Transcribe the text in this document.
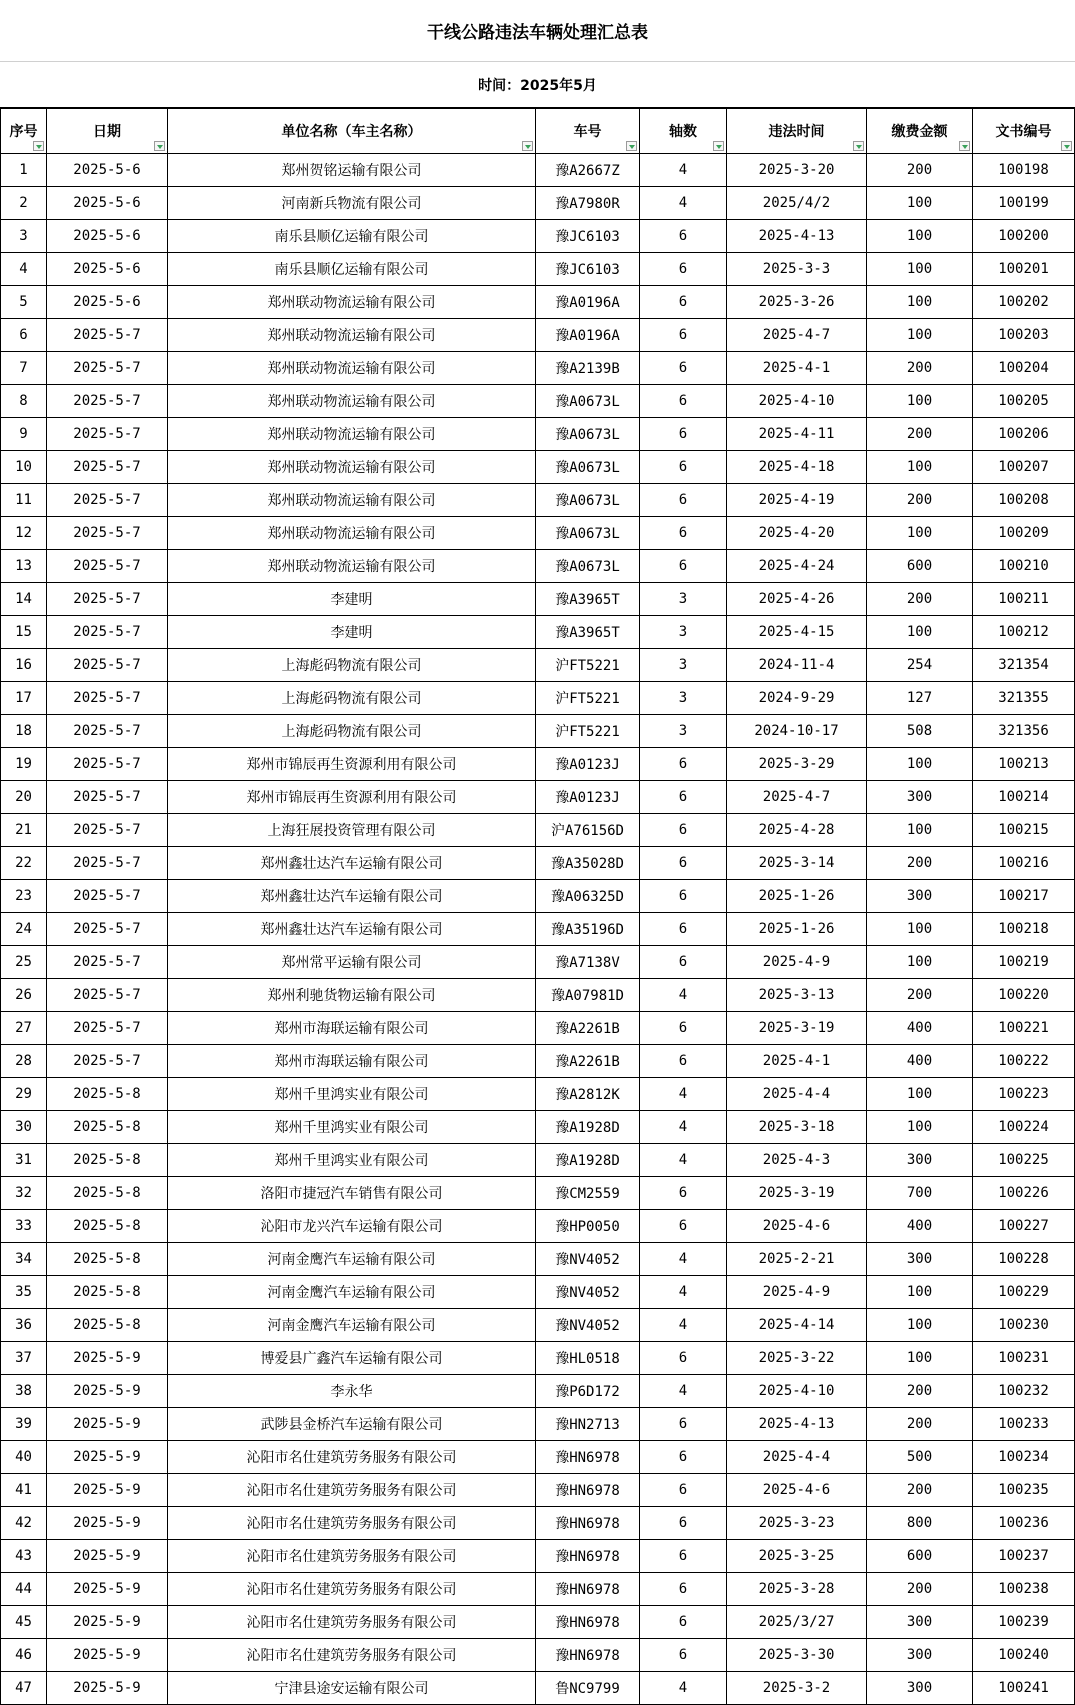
干线公路违法车辆处理汇总表
时间：2025年5月
序号	日期	单位名称（车主名称）	车号	轴数	违法时间	缴费金额	文书编号

1	2025-5-6	郑州贺铭运输有限公司	豫A2667Z	4	2025-3-20	200	100198
2	2025-5-6	河南新兵物流有限公司	豫A7980R	4	2025/4/2	100	100199
3	2025-5-6	南乐县顺亿运输有限公司	豫JC6103	6	2025-4-13	100	100200
4	2025-5-6	南乐县顺亿运输有限公司	豫JC6103	6	2025-3-3	100	100201
5	2025-5-6	郑州联动物流运输有限公司	豫A0196A	6	2025-3-26	100	100202
6	2025-5-7	郑州联动物流运输有限公司	豫A0196A	6	2025-4-7	100	100203
7	2025-5-7	郑州联动物流运输有限公司	豫A2139B	6	2025-4-1	200	100204
8	2025-5-7	郑州联动物流运输有限公司	豫A0673L	6	2025-4-10	100	100205
9	2025-5-7	郑州联动物流运输有限公司	豫A0673L	6	2025-4-11	200	100206
10	2025-5-7	郑州联动物流运输有限公司	豫A0673L	6	2025-4-18	100	100207
11	2025-5-7	郑州联动物流运输有限公司	豫A0673L	6	2025-4-19	200	100208
12	2025-5-7	郑州联动物流运输有限公司	豫A0673L	6	2025-4-20	100	100209
13	2025-5-7	郑州联动物流运输有限公司	豫A0673L	6	2025-4-24	600	100210
14	2025-5-7	李建明	豫A3965T	3	2025-4-26	200	100211
15	2025-5-7	李建明	豫A3965T	3	2025-4-15	100	100212
16	2025-5-7	上海彪码物流有限公司	沪FT5221	3	2024-11-4	254	321354
17	2025-5-7	上海彪码物流有限公司	沪FT5221	3	2024-9-29	127	321355
18	2025-5-7	上海彪码物流有限公司	沪FT5221	3	2024-10-17	508	321356
19	2025-5-7	郑州市锦辰再生资源利用有限公司	豫A0123J	6	2025-3-29	100	100213
20	2025-5-7	郑州市锦辰再生资源利用有限公司	豫A0123J	6	2025-4-7	300	100214
21	2025-5-7	上海狂展投资管理有限公司	沪A76156D	6	2025-4-28	100	100215
22	2025-5-7	郑州鑫壮达汽车运输有限公司	豫A35028D	6	2025-3-14	200	100216
23	2025-5-7	郑州鑫壮达汽车运输有限公司	豫A06325D	6	2025-1-26	300	100217
24	2025-5-7	郑州鑫壮达汽车运输有限公司	豫A35196D	6	2025-1-26	100	100218
25	2025-5-7	郑州常平运输有限公司	豫A7138V	6	2025-4-9	100	100219
26	2025-5-7	郑州利驰货物运输有限公司	豫A07981D	4	2025-3-13	200	100220
27	2025-5-7	郑州市海联运输有限公司	豫A2261B	6	2025-3-19	400	100221
28	2025-5-7	郑州市海联运输有限公司	豫A2261B	6	2025-4-1	400	100222
29	2025-5-8	郑州千里鸿实业有限公司	豫A2812K	4	2025-4-4	100	100223
30	2025-5-8	郑州千里鸿实业有限公司	豫A1928D	4	2025-3-18	100	100224
31	2025-5-8	郑州千里鸿实业有限公司	豫A1928D	4	2025-4-3	300	100225
32	2025-5-8	洛阳市捷冠汽车销售有限公司	豫CM2559	6	2025-3-19	700	100226
33	2025-5-8	沁阳市龙兴汽车运输有限公司	豫HP0050	6	2025-4-6	400	100227
34	2025-5-8	河南金鹰汽车运输有限公司	豫NV4052	4	2025-2-21	300	100228
35	2025-5-8	河南金鹰汽车运输有限公司	豫NV4052	4	2025-4-9	100	100229
36	2025-5-8	河南金鹰汽车运输有限公司	豫NV4052	4	2025-4-14	100	100230
37	2025-5-9	博爱县广鑫汽车运输有限公司	豫HL0518	6	2025-3-22	100	100231
38	2025-5-9	李永华	豫P6D172	4	2025-4-10	200	100232
39	2025-5-9	武陟县金桥汽车运输有限公司	豫HN2713	6	2025-4-13	200	100233
40	2025-5-9	沁阳市名仕建筑劳务服务有限公司	豫HN6978	6	2025-4-4	500	100234
41	2025-5-9	沁阳市名仕建筑劳务服务有限公司	豫HN6978	6	2025-4-6	200	100235
42	2025-5-9	沁阳市名仕建筑劳务服务有限公司	豫HN6978	6	2025-3-23	800	100236
43	2025-5-9	沁阳市名仕建筑劳务服务有限公司	豫HN6978	6	2025-3-25	600	100237
44	2025-5-9	沁阳市名仕建筑劳务服务有限公司	豫HN6978	6	2025-3-28	200	100238
45	2025-5-9	沁阳市名仕建筑劳务服务有限公司	豫HN6978	6	2025/3/27	300	100239
46	2025-5-9	沁阳市名仕建筑劳务服务有限公司	豫HN6978	6	2025-3-30	300	100240
47	2025-5-9	宁津县途安运输有限公司	鲁NC9799	4	2025-3-2	300	100241
